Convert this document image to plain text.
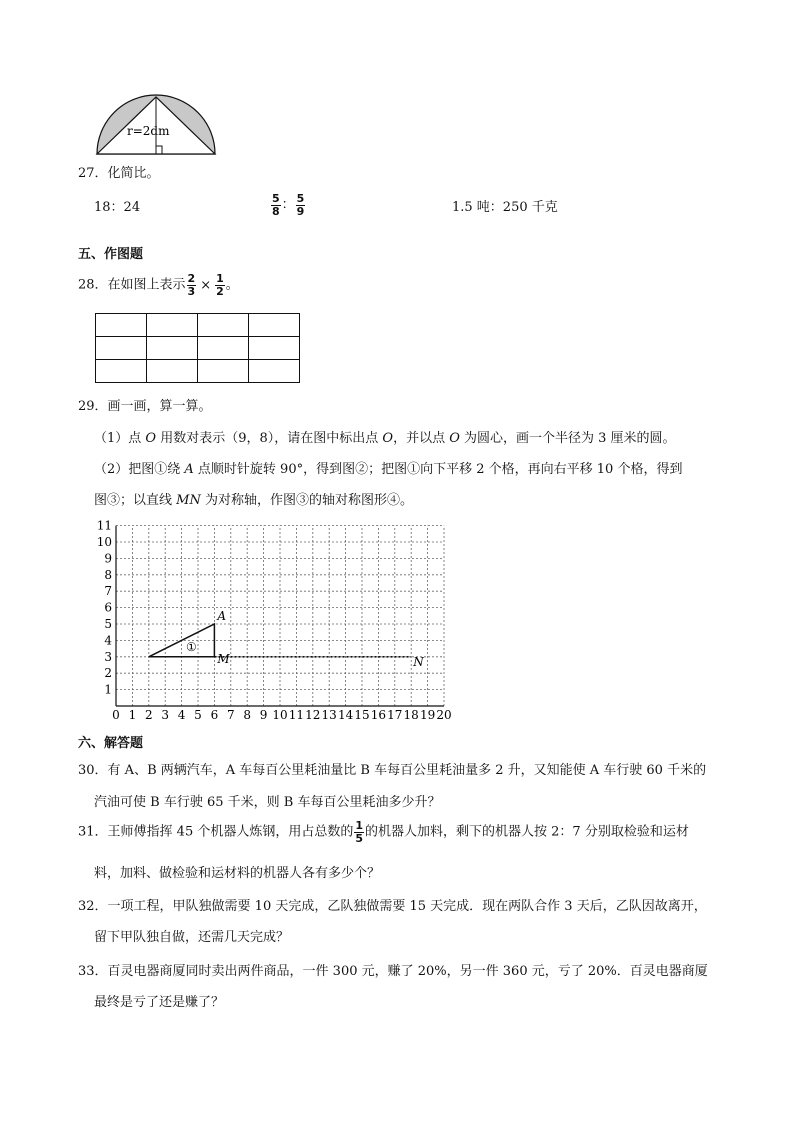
r=2dm
27．化简比。
18：24	$\frac{5}{8}$ ： $\frac{5}{9}$	1.5 吨：250 千克
五、作图题
28．在如图上表示 $\frac{2}{3} \times \frac{1}{2}$ 。

29．画一画，算一算。
（1）点 O 用数对表示（9，8），请在图中标出点 O，并以点 O 为圆心，画一个半径为 3 厘米的圆。
（2）把图①绕 A 点顺时针旋转 90°，得到图②；把图①向下平移 2 个格，再向右平移 10 个格，得到
图③；以直线 MN 为对称轴，作图③的轴对称图形④。
0 1 2 3 4 5 6 7 8 9 10 11 12 13 14 15 16 17 18 19 20
1
2
3
4
5
6
7
8
9
10
11
A
M	N
①
六、解答题
30．有 A、B 两辆汽车，A 车每百公里耗油量比 B 车每百公里耗油量多 2 升，又知能使 A 车行驶 60 千米的
汽油可使 B 车行驶 65 千米，则 B 车每百公里耗油多少升？
31．王师傅指挥 45 个机器人炼钢，用占总数的 $\frac{1}{5}$ 的机器人加料，剩下的机器人按 2：7 分别取检验和运材
料，加料、做检验和运材料的机器人各有多少个？
32．一项工程，甲队独做需要 10 天完成，乙队独做需要 15 天完成．现在两队合作 3 天后，乙队因故离开，
留下甲队独自做，还需几天完成？
33．百灵电器商厦同时卖出两件商品，一件 300 元，赚了 20%，另一件 360 元，亏了 20%．百灵电器商厦
最终是亏了还是赚了？
